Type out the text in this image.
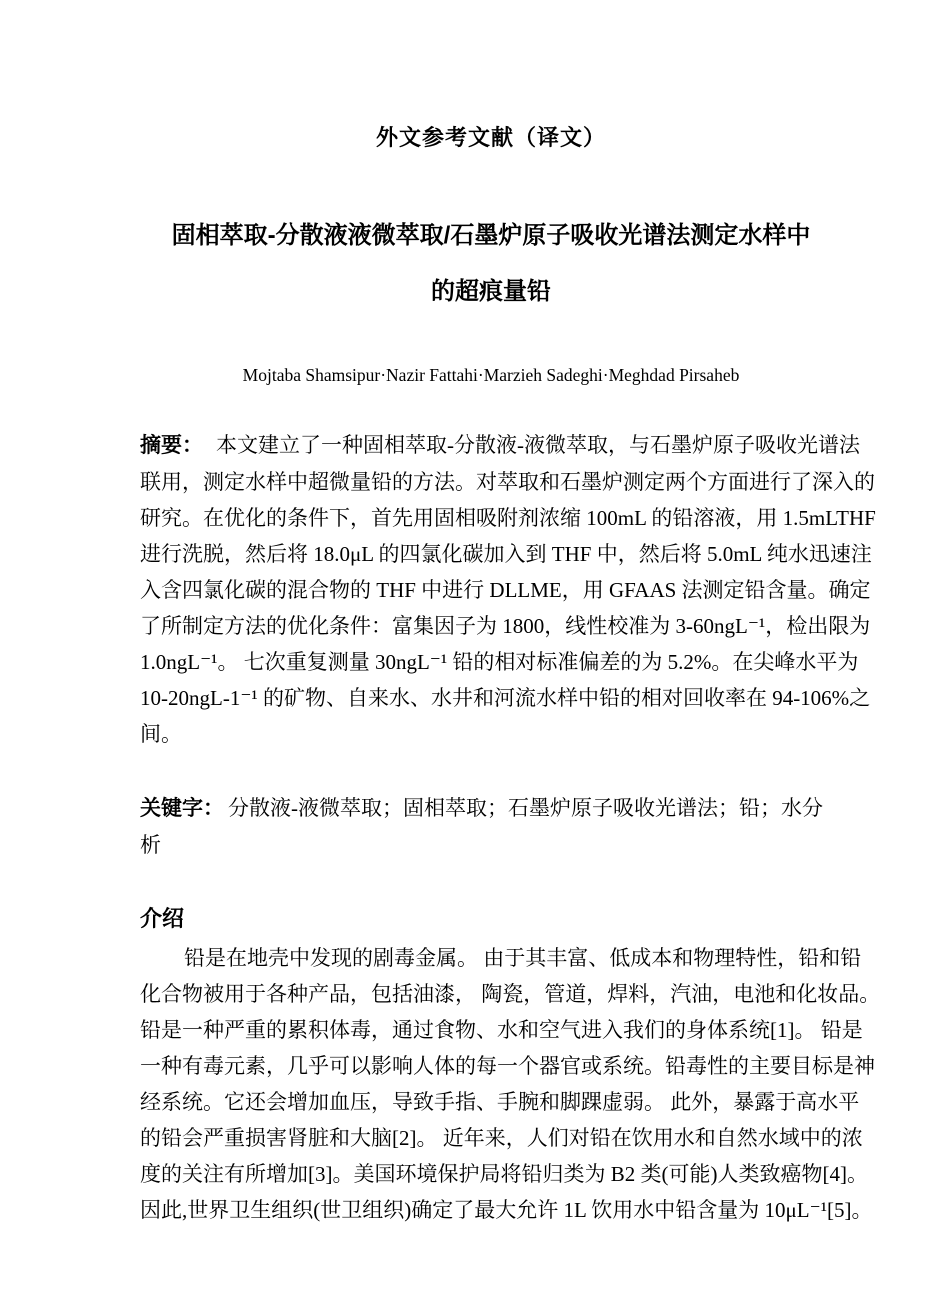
外文参考文献（译文）
固相萃取-分散液液微萃取/石墨炉原子吸收光谱法测定水样中
的超痕量铅
Mojtaba Shamsipur·Nazir Fattahi·Marzieh Sadeghi·Meghdad Pirsaheb
摘要： 本文建立了一种固相萃取-分散液-液微萃取，与石墨炉原子吸收光谱法
联用，测定水样中超微量铅的方法。对萃取和石墨炉测定两个方面进行了深入的
研究。在优化的条件下，首先用固相吸附剂浓缩 100mL 的铅溶液，用 1.5mLTHF
进行洗脱，然后将 18.0μL 的四氯化碳加入到 THF 中，然后将 5.0mL 纯水迅速注
入含四氯化碳的混合物的 THF 中进行 DLLME，用 GFAAS 法测定铅含量。确定
了所制定方法的优化条件：富集因子为 1800，线性校准为 3-60ngL⁻¹，检出限为
1.0ngL⁻¹。 七次重复测量 30ngL⁻¹ 铅的相对标准偏差的为 5.2%。在尖峰水平为
10-20ngL-1⁻¹ 的矿物、自来水、水井和河流水样中铅的相对回收率在 94-106%之
间。
关键字： 分散液-液微萃取；固相萃取；石墨炉原子吸收光谱法；铅；水分析
介绍
铅是在地壳中发现的剧毒金属。 由于其丰富、低成本和物理特性，铅和铅
化合物被用于各种产品，包括油漆， 陶瓷，管道，焊料，汽油，电池和化妆品。
铅是一种严重的累积体毒，通过食物、水和空气进入我们的身体系统[1]。 铅是
一种有毒元素，几乎可以影响人体的每一个器官或系统。铅毒性的主要目标是神
经系统。它还会增加血压，导致手指、手腕和脚踝虚弱。 此外，暴露于高水平
的铅会严重损害肾脏和大脑[2]。 近年来，人们对铅在饮用水和自然水域中的浓
度的关注有所增加[3]。美国环境保护局将铅归类为 B2 类(可能)人类致癌物[4]。
因此,世界卫生组织(世卫组织)确定了最大允许 1L 饮用水中铅含量为 10μL⁻¹[5]。
